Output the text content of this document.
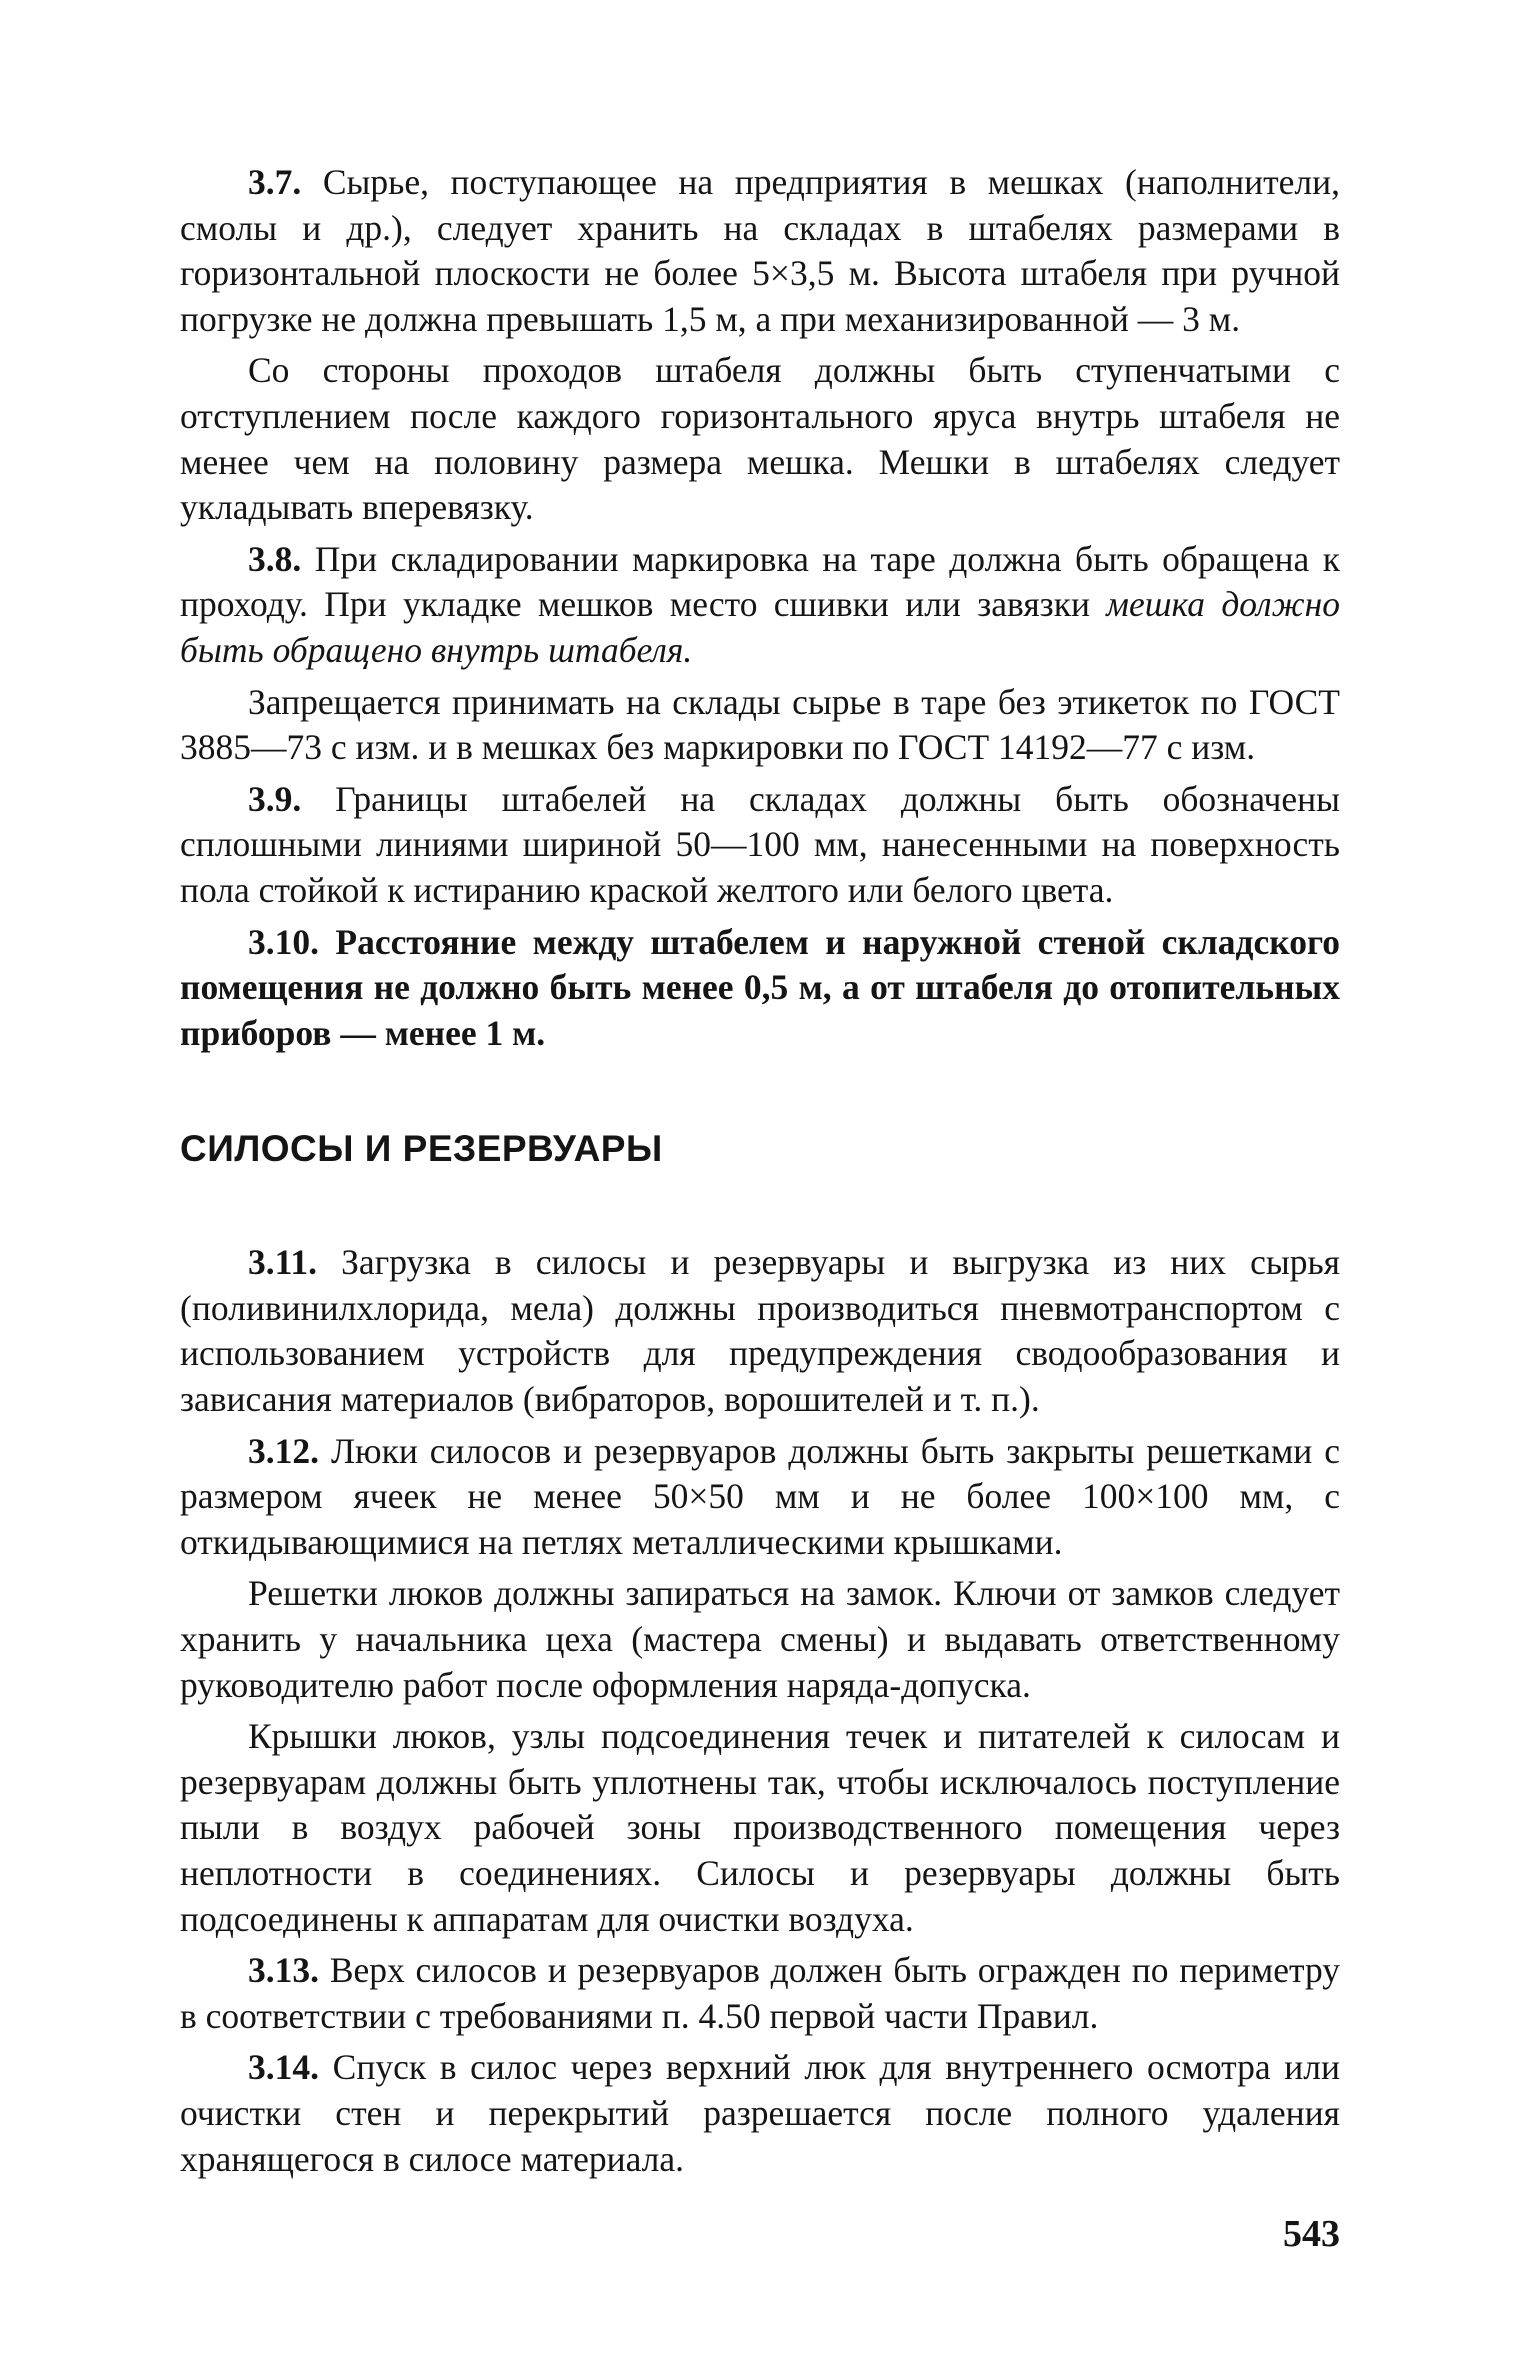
3.7. Сырье, поступающее на предприятия в мешках (наполнители, смолы и др.), следует хранить на складах в штабелях размерами в горизонтальной плоскости не более 5×3,5 м. Высота штабеля при ручной погрузке не должна превышать 1,5 м, а при механизированной — 3 м.

Со стороны проходов штабеля должны быть ступенчатыми с отступлением после каждого горизонтального яруса внутрь штабеля не менее чем на половину размера мешка. Мешки в штабелях следует укладывать вперевязку.

3.8. При складировании маркировка на таре должна быть обращена к проходу. При укладке мешков место сшивки или завязки мешка должно быть обращено внутрь штабеля.

Запрещается принимать на склады сырье в таре без этикеток по ГОСТ 3885—73 с изм. и в мешках без маркировки по ГОСТ 14192—77 с изм.

3.9. Границы штабелей на складах должны быть обозначены сплошными линиями шириной 50—100 мм, нанесенными на поверхность пола стойкой к истиранию краской желтого или белого цвета.

3.10. Расстояние между штабелем и наружной стеной складского помещения не должно быть менее 0,5 м, а от штабеля до отопительных приборов — менее 1 м.

СИЛОСЫ И РЕЗЕРВУАРЫ

3.11. Загрузка в силосы и резервуары и выгрузка из них сырья (поливинилхлорида, мела) должны производиться пневмотранспортом с использованием устройств для предупреждения сводообразования и зависания материалов (вибраторов, ворошителей и т. п.).

3.12. Люки силосов и резервуаров должны быть закрыты решетками с размером ячеек не менее 50×50 мм и не более 100×100 мм, с откидывающимися на петлях металлическими крышками.

Решетки люков должны запираться на замок. Ключи от замков следует хранить у начальника цеха (мастера смены) и выдавать ответственному руководителю работ после оформления наряда-допуска.

Крышки люков, узлы подсоединения течек и питателей к силосам и резервуарам должны быть уплотнены так, чтобы исключалось поступление пыли в воздух рабочей зоны производственного помещения через неплотности в соединениях. Силосы и резервуары должны быть подсоединены к аппаратам для очистки воздуха.

3.13. Верх силосов и резервуаров должен быть огражден по периметру в соответствии с требованиями п. 4.50 первой части Правил.

3.14. Спуск в силос через верхний люк для внутреннего осмотра или очистки стен и перекрытий разрешается после полного удаления хранящегося в силосе материала.

543
